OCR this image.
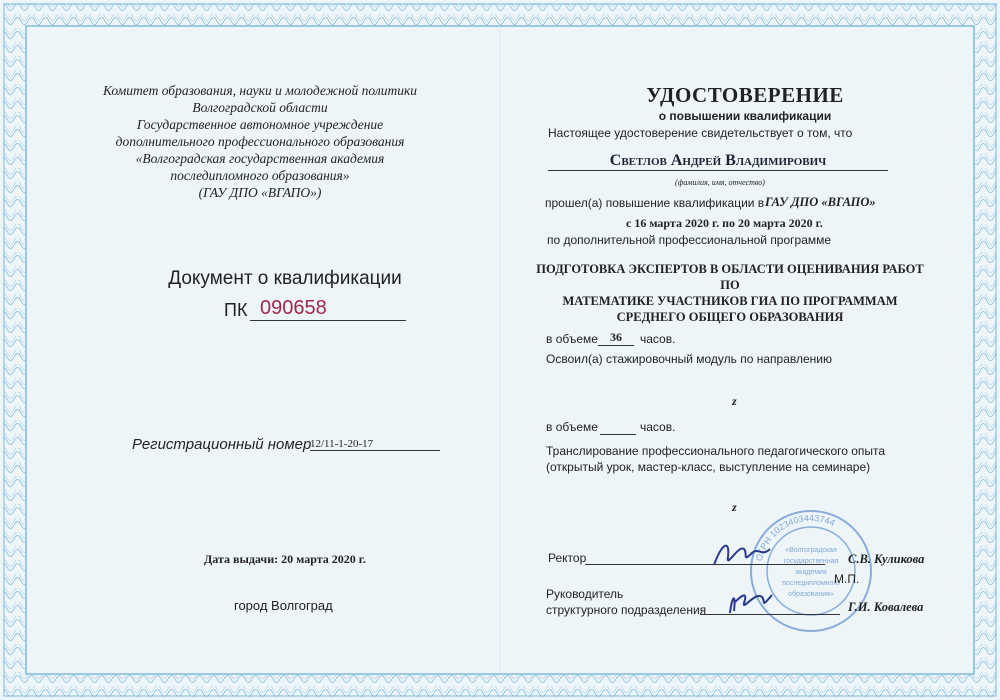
Комитет образования, науки и молодежной политики
Волгоградской области
Государственное автономное учреждение
дополнительного профессионального образования
«Волгоградская государственная академия
последипломного образования»
(ГАУ ДПО «ВГАПО»)
Документ о квалификации
ПК 090658
Регистрационный номер
12/11-1-20-17
Дата выдачи: 20 марта 2020 г.
город Волгоград
УДОСТОВЕРЕНИЕ
о повышении квалификации
Настоящее удостоверение свидетельствует о том, что
Светлов Андрей Владимирович
(фамилия, имя, отчество)
прошел(а) повышение квалификации в ГАУ ДПО «ВГАПО»
с 16 марта 2020 г. по 20 марта 2020 г.
по дополнительной профессиональной программе
ПОДГОТОВКА ЭКСПЕРТОВ В ОБЛАСТИ ОЦЕНИВАНИЯ РАБОТ ПО
МАТЕМАТИКЕ УЧАСТНИКОВ ГИА ПО ПРОГРАММАМ
СРЕДНЕГО ОБЩЕГО ОБРАЗОВАНИЯ
в объеме	36	часов.
Освоил(а) стажировочный модуль по направлению
z
в объеме	часов.
Транслирование профессионального педагогического опыта
(открытый урок, мастер-класс, выступление на семинаре)
z
ОГРН 1023403443744
«Волгоградская
государственная
академия
последипломного
образования»
Ректор	С.В. Куликова
М.П.
Руководитель
структурного подразделения	Г.И. Ковалева
